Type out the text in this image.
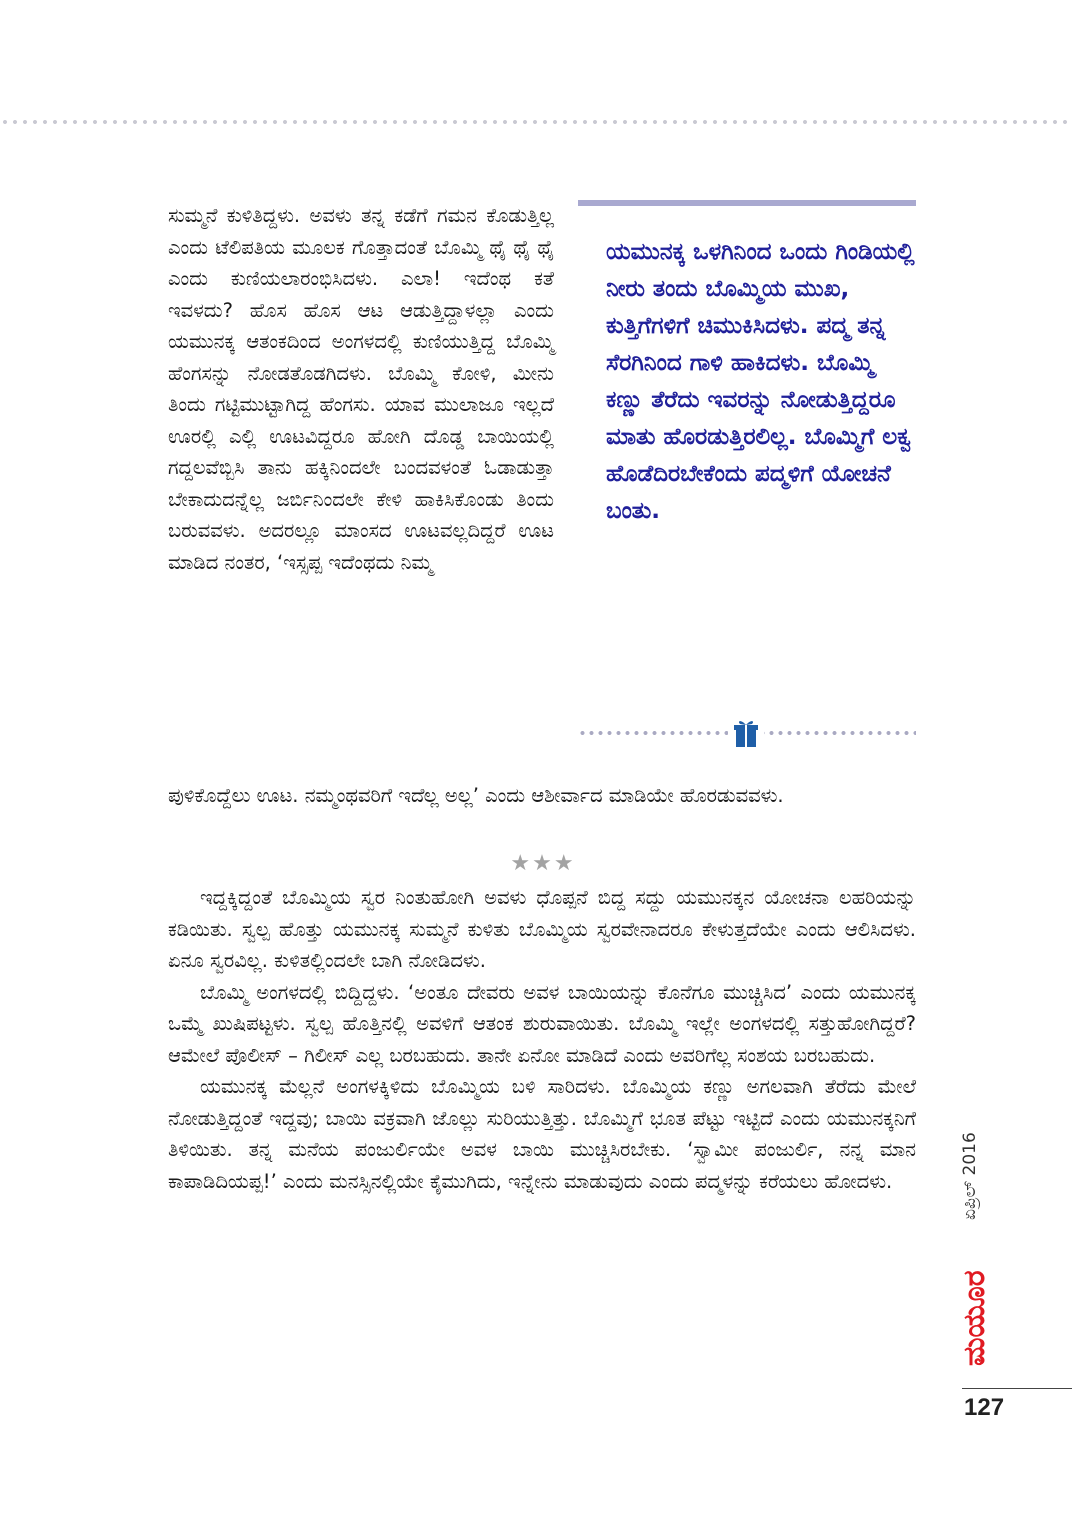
ಸುಮ್ಮನೆ ಕುಳಿತಿದ್ದಳು. ಅವಳು ತನ್ನ ಕಡೆಗೆ ಗಮನ ಕೊಡುತ್ತಿಲ್ಲ ಎಂದು ಟೆಲಿಪತಿಯ ಮೂಲಕ ಗೊತ್ತಾದಂತೆ ಬೊಮ್ಮಿ ಥೈ ಥೈ ಥೈ ಎಂದು ಕುಣಿಯಲಾರಂಭಿಸಿದಳು. ಎಲಾ! ಇದೆಂಥ ಕತೆ ಇವಳದು? ಹೊಸ ಹೊಸ ಆಟ ಆಡುತ್ತಿದ್ದಾಳಲ್ಲಾ ಎಂದು ಯಮುನಕ್ಕ ಆತಂಕದಿಂದ ಅಂಗಳದಲ್ಲಿ ಕುಣಿಯುತ್ತಿದ್ದ ಬೊಮ್ಮಿ ಹೆಂಗಸನ್ನು ನೋಡತೊಡಗಿದಳು. ಬೊಮ್ಮಿ ಕೋಳಿ, ಮೀನು ತಿಂದು ಗಟ್ಟಿಮುಟ್ಟಾಗಿದ್ದ ಹೆಂಗಸು. ಯಾವ ಮುಲಾಜೂ ಇಲ್ಲದೆ ಊರಲ್ಲಿ ಎಲ್ಲಿ ಊಟವಿದ್ದರೂ ಹೋಗಿ ದೊಡ್ಡ ಬಾಯಿಯಲ್ಲಿ ಗದ್ದಲವೆಬ್ಬಿಸಿ ತಾನು ಹಕ್ಕಿನಿಂದಲೇ ಬಂದವಳಂತೆ ಓಡಾಡುತ್ತಾ ಬೇಕಾದುದನ್ನೆಲ್ಲ ಜರ್ಬಿನಿಂದಲೇ ಕೇಳಿ ಹಾಕಿಸಿಕೊಂಡು ತಿಂದು ಬರುವವಳು. ಅದರಲ್ಲೂ ಮಾಂಸದ ಊಟವಲ್ಲದಿದ್ದರೆ ಊಟ ಮಾಡಿದ ನಂತರ, ‘ಇಸ್ಸಪ್ಪ ಇದೆಂಥದು ನಿಮ್ಮ

ಯಮುನಕ್ಕ ಒಳಗಿನಿಂದ ಒಂದು ಗಿಂಡಿಯಲ್ಲಿ ನೀರು ತಂದು ಬೊಮ್ಮಿಯ ಮುಖ, ಕುತ್ತಿಗೆಗಳಿಗೆ ಚಿಮುಕಿಸಿದಳು. ಪದ್ಮ ತನ್ನ ಸೆರಗಿನಿಂದ ಗಾಳಿ ಹಾಕಿದಳು. ಬೊಮ್ಮಿ ಕಣ್ಣು ತೆರೆದು ಇವರನ್ನು ನೋಡುತ್ತಿದ್ದರೂ ಮಾತು ಹೊರಡುತ್ತಿರಲಿಲ್ಲ. ಬೊಮ್ಮಿಗೆ ಲಕ್ವ ಹೊಡೆದಿರಬೇಕೆಂದು ಪದ್ಮಳಿಗೆ ಯೋಚನೆ ಬಂತು.

ಪುಳಿಕೊದ್ದೆಲು ಊಟ. ನಮ್ಮಂಥವರಿಗೆ ಇದೆಲ್ಲ ಅಲ್ಲ’ ಎಂದು ಆಶೀರ್ವಾದ ಮಾಡಿಯೇ ಹೊರಡುವವಳು.

★★★

ಇದ್ದಕ್ಕಿದ್ದಂತೆ ಬೊಮ್ಮಿಯ ಸ್ವರ ನಿಂತುಹೋಗಿ ಅವಳು ಧೊಪ್ಪನೆ ಬಿದ್ದ ಸದ್ದು ಯಮುನಕ್ಕನ ಯೋಚನಾ ಲಹರಿಯನ್ನು ಕಡಿಯಿತು. ಸ್ವಲ್ಪ ಹೊತ್ತು ಯಮುನಕ್ಕ ಸುಮ್ಮನೆ ಕುಳಿತು ಬೊಮ್ಮಿಯ ಸ್ವರವೇನಾದರೂ ಕೇಳುತ್ತದೆಯೇ ಎಂದು ಆಲಿಸಿದಳು. ಏನೂ ಸ್ವರವಿಲ್ಲ. ಕುಳಿತಲ್ಲಿಂದಲೇ ಬಾಗಿ ನೋಡಿದಳು.

ಬೊಮ್ಮಿ ಅಂಗಳದಲ್ಲಿ ಬಿದ್ದಿದ್ದಳು. ‘ಅಂತೂ ದೇವರು ಅವಳ ಬಾಯಿಯನ್ನು ಕೊನೆಗೂ ಮುಚ್ಚಿಸಿದ’ ಎಂದು ಯಮುನಕ್ಕ ಒಮ್ಮೆ ಖುಷಿಪಟ್ಟಳು. ಸ್ವಲ್ಪ ಹೊತ್ತಿನಲ್ಲಿ ಅವಳಿಗೆ ಆತಂಕ ಶುರುವಾಯಿತು. ಬೊಮ್ಮಿ ಇಲ್ಲೇ ಅಂಗಳದಲ್ಲಿ ಸತ್ತುಹೋಗಿದ್ದರೆ? ಆಮೇಲೆ ಪೊಲೀಸ್ – ಗಿಲೀಸ್ ಎಲ್ಲ ಬರಬಹುದು. ತಾನೇ ಏನೋ ಮಾಡಿದೆ ಎಂದು ಅವರಿಗೆಲ್ಲ ಸಂಶಯ ಬರಬಹುದು.

ಯಮುನಕ್ಕ ಮೆಲ್ಲನೆ ಅಂಗಳಕ್ಕಿಳಿದು ಬೊಮ್ಮಿಯ ಬಳಿ ಸಾರಿದಳು. ಬೊಮ್ಮಿಯ ಕಣ್ಣು ಅಗಲವಾಗಿ ತೆರೆದು ಮೇಲೆ ನೋಡುತ್ತಿದ್ದಂತೆ ಇದ್ದವು; ಬಾಯಿ ವಕ್ರವಾಗಿ ಜೊಲ್ಲು ಸುರಿಯುತ್ತಿತ್ತು. ಬೊಮ್ಮಿಗೆ ಭೂತ ಪೆಟ್ಟು ಇಟ್ಟಿದೆ ಎಂದು ಯಮುನಕ್ಕನಿಗೆ ತಿಳಿಯಿತು. ತನ್ನ ಮನೆಯ ಪಂಜುರ್ಲಿಯೇ ಅವಳ ಬಾಯಿ ಮುಚ್ಚಿಸಿರಬೇಕು. ‘ಸ್ವಾಮೀ ಪಂಜುರ್ಲಿ, ನನ್ನ ಮಾನ ಕಾಪಾಡಿದಿಯಪ್ಪ!’ ಎಂದು ಮನಸ್ಸಿನಲ್ಲಿಯೇ ಕೈಮುಗಿದು, ಇನ್ನೇನು ಮಾಡುವುದು ಎಂದು ಪದ್ಮಳನ್ನು ಕರೆಯಲು ಹೋದಳು.	ಏಪ್ರಿಲ್ 2016
ಮಯೂರ
127
